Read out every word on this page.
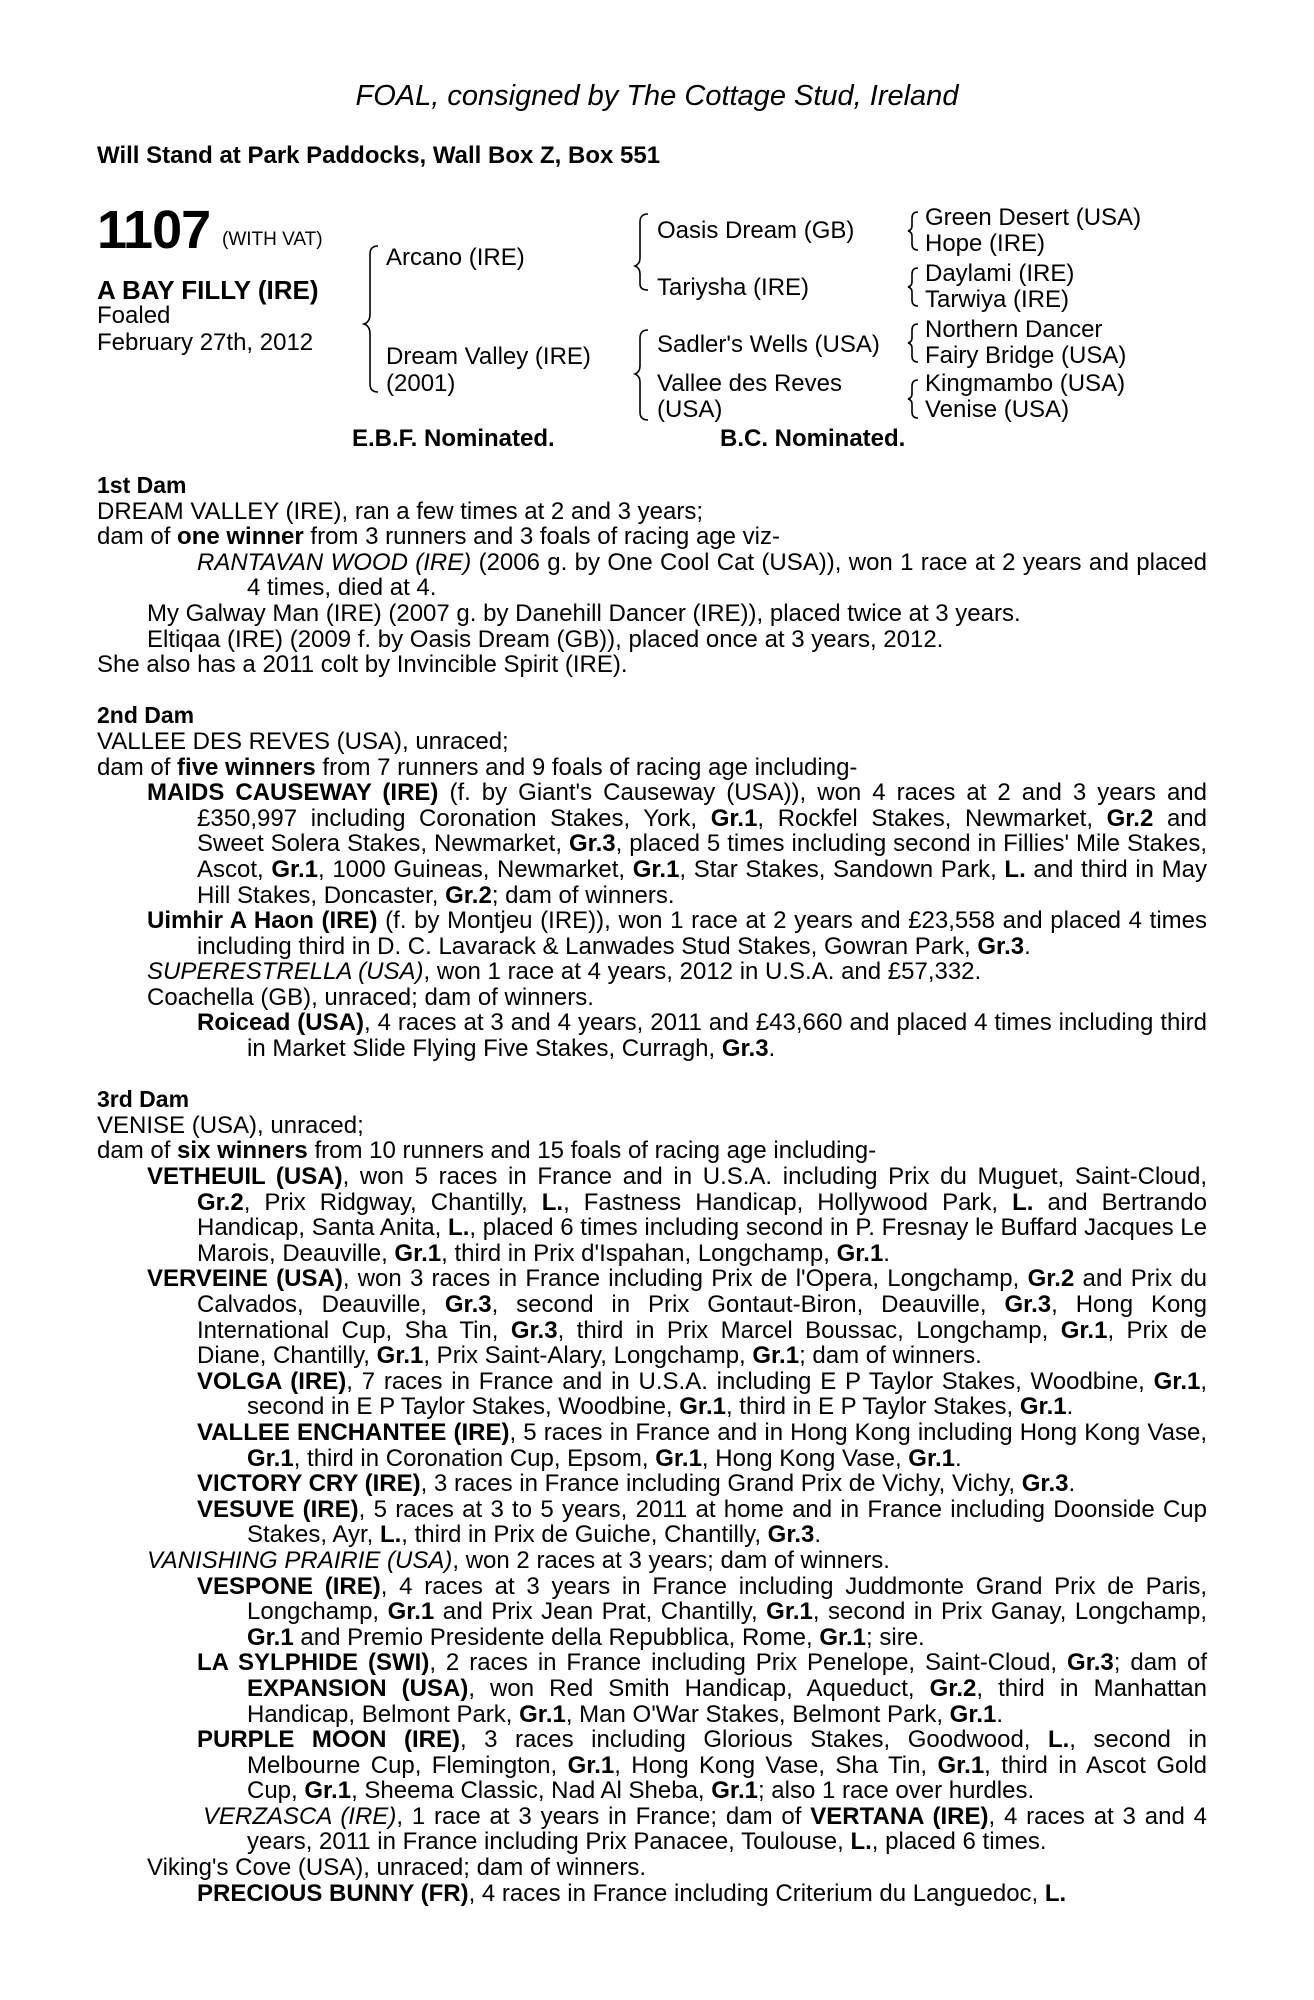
FOAL, consigned by The Cottage Stud, Ireland
Will Stand at Park Paddocks, Wall Box Z, Box 551
1107 (WITH VAT)
A BAY FILLY (IRE)
Foaled
February 27th, 2012
Arcano (IRE)
Dream Valley (IRE)
(2001)
Oasis Dream (GB)
Tariysha (IRE)
Sadler's Wells (USA)
Vallee des Reves
(USA)
Green Desert (USA)
Hope (IRE)
Daylami (IRE)
Tarwiya (IRE)
Northern Dancer
Fairy Bridge (USA)
Kingmambo (USA)
Venise (USA)
E.B.F. Nominated.	B.C. Nominated.
1st Dam
DREAM VALLEY (IRE), ran a few times at 2 and 3 years;
dam of one winner from 3 runners and 3 foals of racing age viz-
RANTAVAN WOOD (IRE) (2006 g. by One Cool Cat (USA)), won 1 race at 2 years and placed 4 times, died at 4.
My Galway Man (IRE) (2007 g. by Danehill Dancer (IRE)), placed twice at 3 years.
Eltiqaa (IRE) (2009 f. by Oasis Dream (GB)), placed once at 3 years, 2012.
She also has a 2011 colt by Invincible Spirit (IRE).
2nd Dam
VALLEE DES REVES (USA), unraced;
dam of five winners from 7 runners and 9 foals of racing age including-
MAIDS CAUSEWAY (IRE) (f. by Giant's Causeway (USA)), won 4 races at 2 and 3 years and £350,997 including Coronation Stakes, York, Gr.1, Rockfel Stakes, Newmarket, Gr.2 and Sweet Solera Stakes, Newmarket, Gr.3, placed 5 times including second in Fillies' Mile Stakes, Ascot, Gr.1, 1000 Guineas, Newmarket, Gr.1, Star Stakes, Sandown Park, L. and third in May Hill Stakes, Doncaster, Gr.2; dam of winners.
Uimhir A Haon (IRE) (f. by Montjeu (IRE)), won 1 race at 2 years and £23,558 and placed 4 times including third in D. C. Lavarack & Lanwades Stud Stakes, Gowran Park, Gr.3.
SUPERESTRELLA (USA), won 1 race at 4 years, 2012 in U.S.A. and £57,332.
Coachella (GB), unraced; dam of winners.
Roicead (USA), 4 races at 3 and 4 years, 2011 and £43,660 and placed 4 times including third in Market Slide Flying Five Stakes, Curragh, Gr.3.
3rd Dam
VENISE (USA), unraced;
dam of six winners from 10 runners and 15 foals of racing age including-
VETHEUIL (USA), won 5 races in France and in U.S.A. including Prix du Muguet, Saint-Cloud, Gr.2, Prix Ridgway, Chantilly, L., Fastness Handicap, Hollywood Park, L. and Bertrando Handicap, Santa Anita, L., placed 6 times including second in P. Fresnay le Buffard Jacques Le Marois, Deauville, Gr.1, third in Prix d'Ispahan, Longchamp, Gr.1.
VERVEINE (USA), won 3 races in France including Prix de l'Opera, Longchamp, Gr.2 and Prix du Calvados, Deauville, Gr.3, second in Prix Gontaut-Biron, Deauville, Gr.3, Hong Kong International Cup, Sha Tin, Gr.3, third in Prix Marcel Boussac, Longchamp, Gr.1, Prix de Diane, Chantilly, Gr.1, Prix Saint-Alary, Longchamp, Gr.1; dam of winners.
VOLGA (IRE), 7 races in France and in U.S.A. including E P Taylor Stakes, Woodbine, Gr.1, second in E P Taylor Stakes, Woodbine, Gr.1, third in E P Taylor Stakes, Gr.1.
VALLEE ENCHANTEE (IRE), 5 races in France and in Hong Kong including Hong Kong Vase, Gr.1, third in Coronation Cup, Epsom, Gr.1, Hong Kong Vase, Gr.1.
VICTORY CRY (IRE), 3 races in France including Grand Prix de Vichy, Vichy, Gr.3.
VESUVE (IRE), 5 races at 3 to 5 years, 2011 at home and in France including Doonside Cup Stakes, Ayr, L., third in Prix de Guiche, Chantilly, Gr.3.
VANISHING PRAIRIE (USA), won 2 races at 3 years; dam of winners.
VESPONE (IRE), 4 races at 3 years in France including Juddmonte Grand Prix de Paris, Longchamp, Gr.1 and Prix Jean Prat, Chantilly, Gr.1, second in Prix Ganay, Longchamp, Gr.1 and Premio Presidente della Repubblica, Rome, Gr.1; sire.
LA SYLPHIDE (SWI), 2 races in France including Prix Penelope, Saint-Cloud, Gr.3; dam of EXPANSION (USA), won Red Smith Handicap, Aqueduct, Gr.2, third in Manhattan Handicap, Belmont Park, Gr.1, Man O'War Stakes, Belmont Park, Gr.1.
PURPLE MOON (IRE), 3 races including Glorious Stakes, Goodwood, L., second in Melbourne Cup, Flemington, Gr.1, Hong Kong Vase, Sha Tin, Gr.1, third in Ascot Gold Cup, Gr.1, Sheema Classic, Nad Al Sheba, Gr.1; also 1 race over hurdles.
VERZASCA (IRE), 1 race at 3 years in France; dam of VERTANA (IRE), 4 races at 3 and 4 years, 2011 in France including Prix Panacee, Toulouse, L., placed 6 times.
Viking's Cove (USA), unraced; dam of winners.
PRECIOUS BUNNY (FR), 4 races in France including Criterium du Languedoc, L.
